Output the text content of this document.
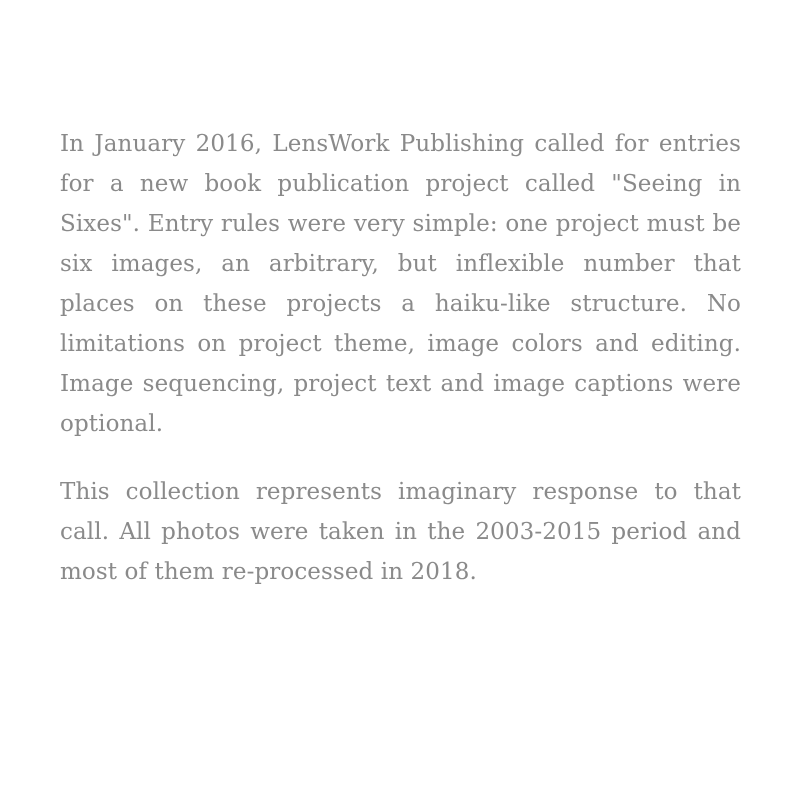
In January 2016, LensWork Publishing called for entries for a new book publication project called "Seeing in Sixes". Entry rules were very simple: one project must be six images, an arbitrary, but inflexible number that places on these projects a haiku-like structure. No limitations on project theme, image colors and editing. Image sequencing, project text and image captions were optional.

This collection represents imaginary response to that call. All photos were taken in the 2003-2015 period and most of them re-processed in 2018.
